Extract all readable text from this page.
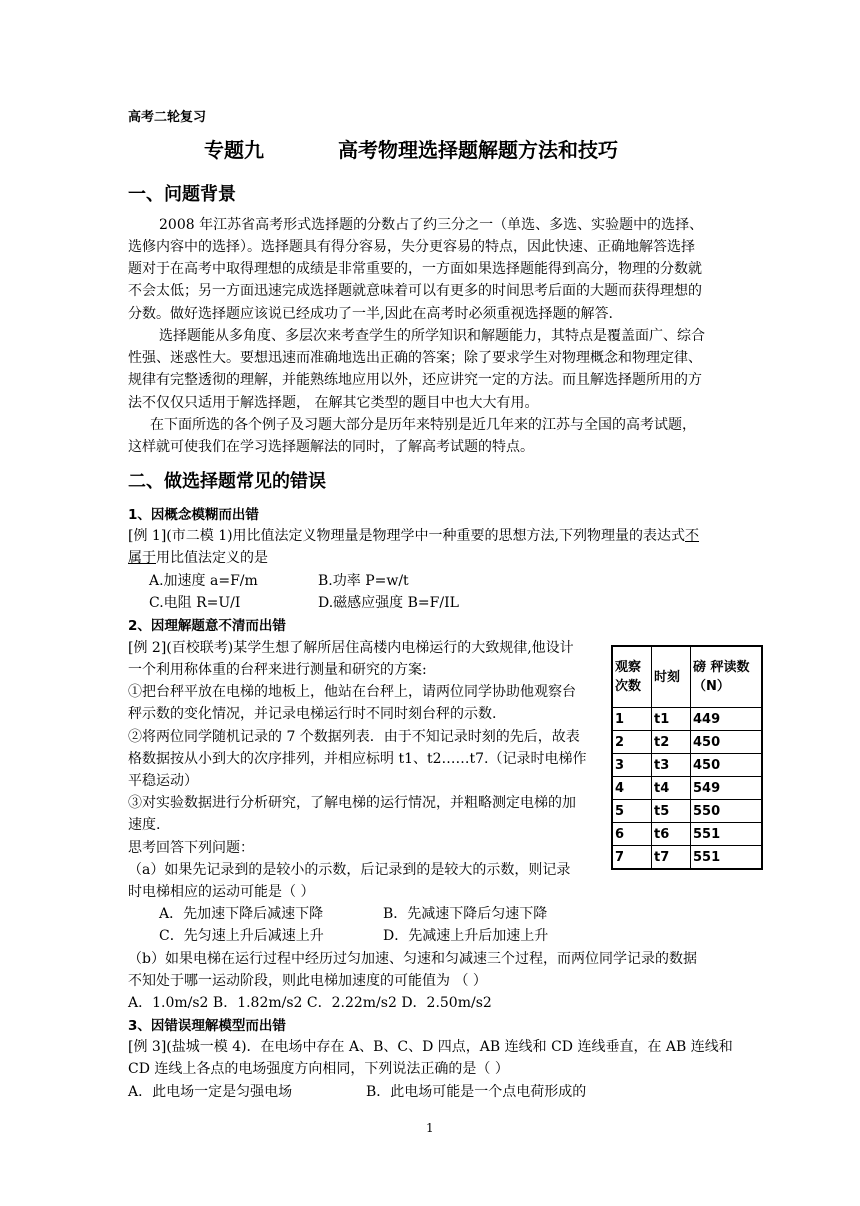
高考二轮复习
专题九	高考物理选择题解题方法和技巧
一、问题背景
2008 年江苏省高考形式选择题的分数占了约三分之一（单选、多选、实验题中的选择、
选修内容中的选择）。选择题具有得分容易，失分更容易的特点，因此快速、正确地解答选择
题对于在高考中取得理想的成绩是非常重要的，一方面如果选择题能得到高分，物理的分数就
不会太低；另一方面迅速完成选择题就意味着可以有更多的时间思考后面的大题而获得理想的
分数。做好选择题应该说已经成功了一半,因此在高考时必须重视选择题的解答.
选择题能从多角度、多层次来考查学生的所学知识和解题能力，其特点是覆盖面广、综合
性强、迷惑性大。要想迅速而准确地选出正确的答案；除了要求学生对物理概念和物理定律、
规律有完整透彻的理解，并能熟练地应用以外，还应讲究一定的方法。而且解选择题所用的方
法不仅仅只适用于解选择题， 在解其它类型的题目中也大大有用。
在下面所选的各个例子及习题大部分是历年来特别是近几年来的江苏与全国的高考试题，
这样就可使我们在学习选择题解法的同时，了解高考试题的特点。
二、做选择题常见的错误
1、因概念模糊而出错
[例 1](市二模 1)用比值法定义物理量是物理学中一种重要的思想方法,下列物理量的表达式不
属于用比值法定义的是
A.加速度 a=F/m	B.功率 P=w/t
C.电阻 R=U/I	D.磁感应强度 B=F/IL
2、因理解题意不清而出错
[例 2](百校联考)某学生想了解所居住高楼内电梯运行的大致规律,他设计
一个利用称体重的台秤来进行测量和研究的方案:
①把台秤平放在电梯的地板上，他站在台秤上，请两位同学协助他观察台
秤示数的变化情况，并记录电梯运行时不同时刻台秤的示数.
②将两位同学随机记录的 7 个数据列表．由于不知记录时刻的先后，故表
格数据按从小到大的次序排列，并相应标明 t1、t2……t7.（记录时电梯作
平稳运动）
③对实验数据进行分析研究，了解电梯的运行情况，并粗略测定电梯的加
速度.
思考回答下列问题：
（a）如果先记录到的是较小的示数，后记录到的是较大的示数，则记录
时电梯相应的运动可能是（ ）
A．先加速下降后减速下降	B．先减速下降后匀速下降
C．先匀速上升后减速上升	D．先减速上升后加速上升
（b）如果电梯在运行过程中经历过匀加速、匀速和匀减速三个过程，而两位同学记录的数据
不知处于哪一运动阶段，则此电梯加速度的可能值为 （ ）
A．1.0m/s2 B．1.82m/s2 C．2.22m/s2 D．2.50m/s2
3、因错误理解模型而出错
[例 3](盐城一模 4)．在电场中存在 A、B、C、D 四点，AB 连线和 CD 连线垂直，在 AB 连线和
CD 连线上各点的电场强度方向相同，下列说法正确的是（ ）
A．此电场一定是匀强电场	B．此电场可能是一个点电荷形成的
观察次数	时刻	磅 秤读数（N）
1	t1	449
2	t2	450
3	t3	450
4	t4	549
5	t5	550
6	t6	551
7	t7	551
1
